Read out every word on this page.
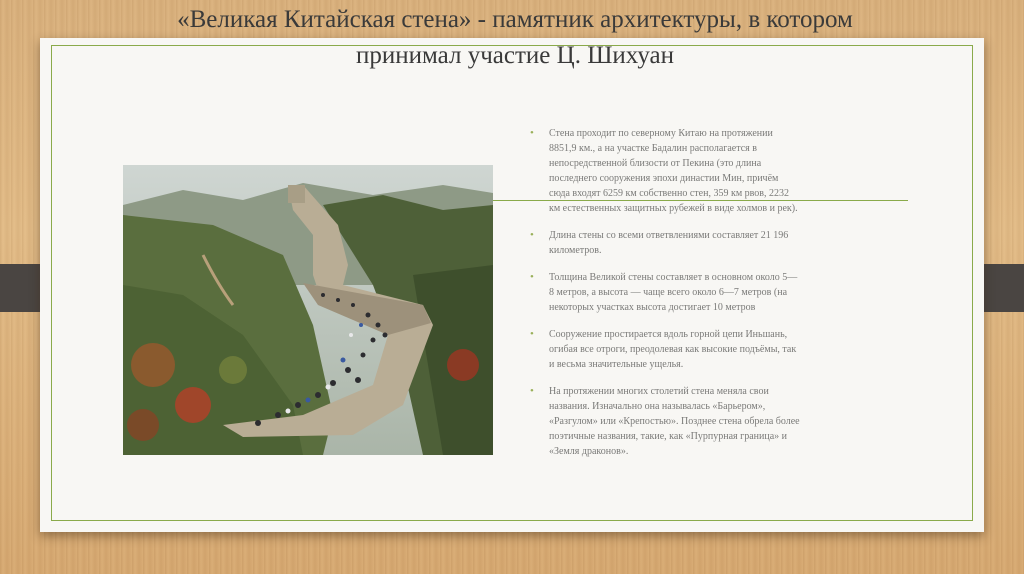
«Великая Китайская стена» - памятник архитектуры, в котором принимал участие Ц. Шихуан
• Стена проходит по северному Китаю на протяжении 8851,9 км., а на участке Бадалин располагается в непосредственной близости от Пекина (это длина последнего сооружения эпохи династии Мин, причём сюда входят 6259 км собственно стен, 359 км рвов, 2232 км естественных защитных рубежей в виде холмов и рек).
• Длина стены со всеми ответвлениями составляет 21 196 километров.
• Толщина Великой стены составляет в основном около 5—8 метров, а высота — чаще всего около 6—7 метров (на некоторых участках высота достигает 10 метров
• Сооружение простирается вдоль горной цепи Иньшань, огибая все отроги, преодолевая как высокие подъёмы, так и весьма значительные ущелья.
• На протяжении многих столетий стена меняла свои названия. Изначально она называлась «Барьером», «Разгулом» или «Крепостью». Позднее стена обрела более поэтичные названия, такие, как «Пурпурная граница» и «Земля драконов».
